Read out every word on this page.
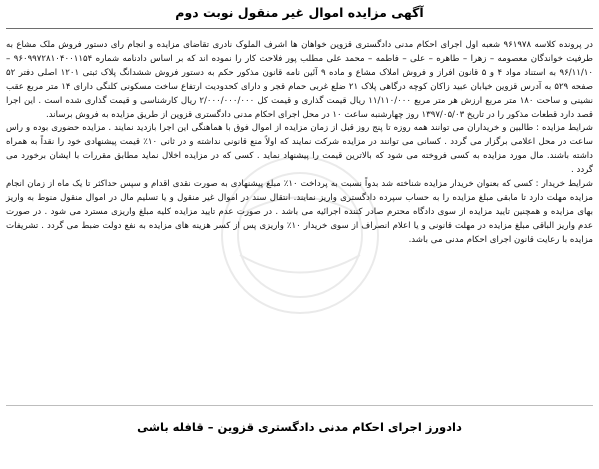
آگهی مزایده اموال غیر منقول نوبت دوم

در پرونده کلاسه ۹۶۱۹۷۸ شعبه اول اجرای احکام مدنی دادگستری قزوین خواهان ها اشرف الملوک نادری تقاضای مزایده و انجام رای دستور فروش ملک مشاع به طرفیت خواندگان معصومه – زهرا – طاهره – علی – فاطمه – محمد علی مطلب پور فلاحت کار را نموده اند که بر اساس دادنامه شماره ۹۶۰۹۹۷۲۸۱۰۴۰۰۱۱۵۴ – ۹۶/۱۱/۱۰ به استناد مواد ۴ و ۵ قانون افراز و فروش املاک مشاع و ماده ۹ آئین نامه قانون مذکور حکم به دستور فروش ششدانگ پلاک ثبتی ۱۲۰۱ اصلی دفتر ۵۲ صفحه ۵۲۹ به آدرس قزوین خیابان عبید زاکان کوچه درگاهی پلاک ۲۱ ضلع غربی حمام قجر و دارای کحدودیت ارتفاع ساخت مسکونی کلنگی دارای ۱۴ متر مربع عقب نشینی و ساحت ۱۸۰ متر مربع ارزش هر متر مربع ۱۱/۱۱۰/۰۰۰ ریال قیمت گذاری و قیمت کل ۲/۰۰۰/۰۰۰/۰۰۰ ریال کارشناسی و قیمت گذاری شده است . این اجرا قصد دارد قطعات مذکور را در تاریخ ۱۳۹۷/۰۵/۰۳ روز چهارشنبه ساعت ۱۰ در محل اجرای احکام مدنی دادگستری قزوین از طریق مزایده به فروش برساند.

شرایط مزایده : طالبین و خریداران می توانند همه روزه تا پنج روز قبل از زمان مزایده از اموال فوق با هماهنگی این اجرا بازدید نمایند . مزایده حضوری بوده و راس ساعت در محل اعلامی برگزار می گردد . کسانی می توانند در مزایده شرکت نمایند که اولاً منع قانونی نداشته و در ثانی ۱۰٪ قیمت پیشنهادی خود را نقداً به همراه داشته باشند. مال مورد مزایده به کسی فروخته می شود که بالاترین قیمت را پیشنهاد نماید . کسی که در مزایده اخلال نماید مطابق مقررات با ایشان برخورد می گردد .

شرایط خریدار : کسی که بعنوان خریدار مزایده شناخته شد بدواً نسبت به پرداخت ۱۰٪ مبلغ پیشنهادی به صورت نقدی اقدام و سپس حداکثر تا یک ماه از زمان انجام مزایده مهلت دارد تا مابقی مبلغ مزایده را به حساب سپرده دادگستری واریز نمایند. انتقال سند در اموال غیر منقول و یا تسلیم مال در اموال منقول منوط به واریز بهای مزایده و همچنین تایید مزایده از سوی دادگاه محترم صادر کننده اجرائیه می باشد . در صورت عدم تایید مزایده کلیه مبلغ واریزی مسترد می شود . در صورت عدم واریز الباقی مبلغ مزایده در مهلت قانونی و یا اعلام انصراف از سوی خریدار ۱۰٪ واریزی پس از کسر هزینه های مزایده به نفع دولت ضبط می گردد . تشریفات مزایده با رعایت قانون اجرای احکام مدنی می باشد.

دادورز اجرای احکام مدنی دادگستری قزوین – قافله باشی
